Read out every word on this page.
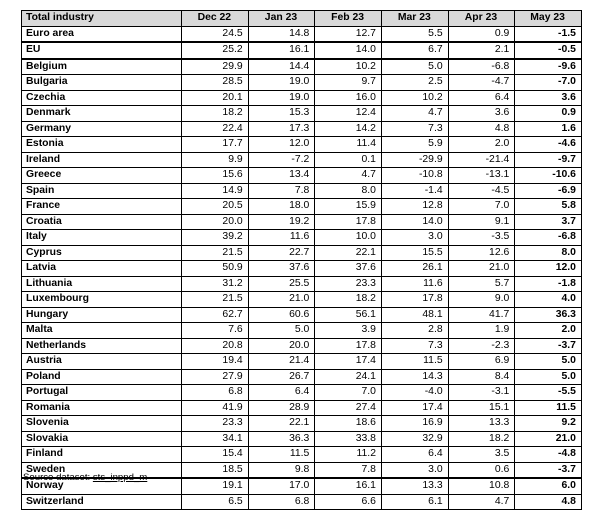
Total industry	Dec 22	Jan 23	Feb 23	Mar 23	Apr 23	May 23
Euro area	24.5	14.8	12.7	5.5	0.9	-1.5
EU	25.2	16.1	14.0	6.7	2.1	-0.5
Belgium	29.9	14.4	10.2	5.0	-6.8	-9.6
Bulgaria	28.5	19.0	9.7	2.5	-4.7	-7.0
Czechia	20.1	19.0	16.0	10.2	6.4	3.6
Denmark	18.2	15.3	12.4	4.7	3.6	0.9
Germany	22.4	17.3	14.2	7.3	4.8	1.6
Estonia	17.7	12.0	11.4	5.9	2.0	-4.6
Ireland	9.9	-7.2	0.1	-29.9	-21.4	-9.7
Greece	15.6	13.4	4.7	-10.8	-13.1	-10.6
Spain	14.9	7.8	8.0	-1.4	-4.5	-6.9
France	20.5	18.0	15.9	12.8	7.0	5.8
Croatia	20.0	19.2	17.8	14.0	9.1	3.7
Italy	39.2	11.6	10.0	3.0	-3.5	-6.8
Cyprus	21.5	22.7	22.1	15.5	12.6	8.0
Latvia	50.9	37.6	37.6	26.1	21.0	12.0
Lithuania	31.2	25.5	23.3	11.6	5.7	-1.8
Luxembourg	21.5	21.0	18.2	17.8	9.0	4.0
Hungary	62.7	60.6	56.1	48.1	41.7	36.3
Malta	7.6	5.0	3.9	2.8	1.9	2.0
Netherlands	20.8	20.0	17.8	7.3	-2.3	-3.7
Austria	19.4	21.4	17.4	11.5	6.9	5.0
Poland	27.9	26.7	24.1	14.3	8.4	5.0
Portugal	6.8	6.4	7.0	-4.0	-3.1	-5.5
Romania	41.9	28.9	27.4	17.4	15.1	11.5
Slovenia	23.3	22.1	18.6	16.9	13.3	9.2
Slovakia	34.1	36.3	33.8	32.9	18.2	21.0
Finland	15.4	11.5	11.2	6.4	3.5	-4.8
Sweden	18.5	9.8	7.8	3.0	0.6	-3.7
Norway	19.1	17.0	16.1	13.3	10.8	6.0
Switzerland	6.5	6.8	6.6	6.1	4.7	4.8
Source dataset: sts_inppd_m
